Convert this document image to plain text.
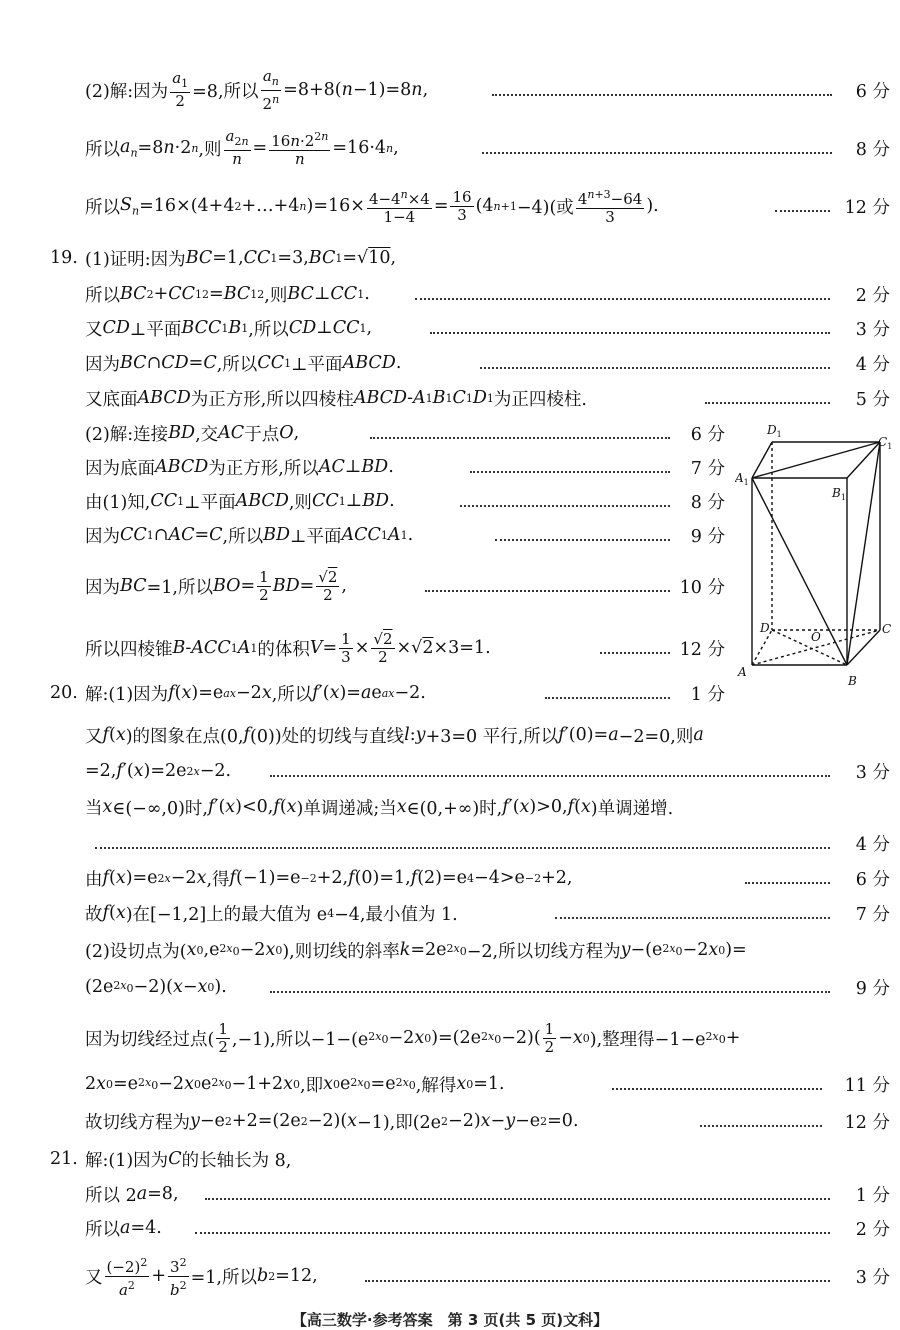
(2)解:因为 $\frac{a_1}{2} =8$,所以 $\frac{a_n}{2^n} =8+8$( n −1)=8 n ,	6 分
所以 $a_n =8$ n ·2 n ,则 $\frac{a_{2n}}{n} = \frac{16n\cdot 2^{2n}}{n} =16\cdot 4$ n ,	8 分
所以 $S_n =16\times(4+4$ 2 +…+4 n )$=16\times \frac{4-4^n\times 4}{1-4} = \frac{16}{3} (4$ n+1 −4)(或 $\frac{4^{n+3}-64}{3}$ ).	12 分
19. (1)证明:因为 BC =1, CC 1 =3, BC 1 =√ 10 ,
所以 BC 2 + CC 1 2 = BC 1 2 ,则 BC ⊥ CC 1 .	2 分
又 CD ⊥平面 BCC 1 B 1 ,所以 CD ⊥ CC 1 ,	3 分
因为 BC ∩ CD = C ,所以 CC 1 ⊥平面 ABCD .	4 分
又底面 ABCD 为正方形,所以四棱柱 ABCD - A 1 B 1 C 1 D 1 为正四棱柱.	5 分
(2)解:连接 BD ,交 AC 于点 O ,	6 分
因为底面 ABCD 为正方形,所以 AC ⊥ BD .	7 分
由(1)知, CC 1 ⊥平面 ABCD ,则 CC 1 ⊥ BD .	8 分
因为 CC 1 ∩ AC = C ,所以 BD ⊥平面 ACC 1 A 1 .	9 分
因为 BC =1,所以 BO = $\frac{1}{2}$ BD = $\frac{√2}{2}$ ,	10 分
所以四棱锥 B - ACC 1 A 1 的体积 $V = \frac{1}{3} \times \frac{√2}{2}$ ×√ 2 ×3=1.	12 分
$D_1$
$C_1$
$A_1$
$B_1$
D
O
C
A
B
20. 解:(1)因为 f ( x )=e ax −2 x ,所以 f ′( x )= a e ax −2.	1 分
又 f ( x )的图象在点(0, f (0))处的切线与直线 l : y +3=0 平行,所以 f ′(0)= a −2=0,则 a
=2, f ′( x )=2e 2x −2.	3 分
当 x ∈(−∞,0)时, f ′( x )<0, f ( x )单调递减;当 x ∈(0,+∞)时, f ′( x )>0, f ( x )单调递增.
4 分
由 f ( x )=e 2x −2 x ,得 f (−1)=e −2 +2, f (0)=1, f (2)=e 4 −4>e −2 +2,	6 分
故 f ( x )在[−1,2]上的最大值为 e 4 −4,最小值为 1.	7 分
(2)设切点为( x 0 ,e $2x_0 -2$ x 0 ),则切线的斜率 k =2e $2x_0 -2$,所以切线方程为 y −(e $2x_0 -2$ x 0 )=
(2e $2x_0 -2$)( x − x 0 ).	9 分
因为切线经过点( $\frac{1}{2} ,-1$),所以−1−(e $2x_0 -2$ x 0 )=(2e $2x_0 -2)( \frac{1}{2} - x$ 0 ),整理得−1−e $2x_0$ +
2 x 0 =e $2x_0 -2$ x 0 e $2x_0 -1+2$ x 0 ,即 x 0 e $2x_0 =e$ $2x_0$ ,解得 x 0 =1.	11 分
故切线方程为 y −e 2 +2=(2e 2 −2)( x −1),即(2e 2 −2) x − y −e 2 =0.	12 分
21. 解:(1)因为 C 的长轴长为 8,
所以 2 a =8,	1 分
所以 a =4.	2 分
又 $\frac{(-2)^2}{a^2} + \frac{3^2}{b^2} =1$,所以 b 2 =12,	3 分
【高三数学·参考答案　第 3 页(共 5 页)文科】
